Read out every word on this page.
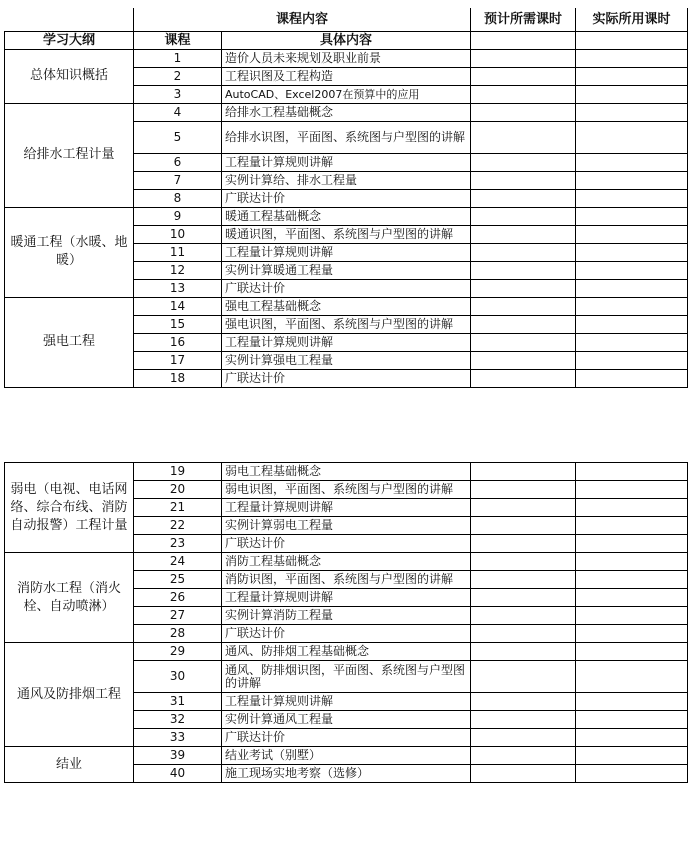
	课程内容		预计所需课时	实际所用课时
学习大纲	课程	具体内容		
总体知识概括	1	造价人员未来规划及职业前景		
	2	工程识图及工程构造		
	3	AutoCAD、Excel2007在预算中的应用		
给排水工程计量	4	给排水工程基础概念		
	5	给排水识图，平面图、系统图与户型图的讲解		
	6	工程量计算规则讲解		
	7	实例计算给、排水工程量		
	8	广联达计价		
暖通工程（水暖、地暖）	9	暖通工程基础概念		
	10	暖通识图，平面图、系统图与户型图的讲解		
	11	工程量计算规则讲解		
	12	实例计算暖通工程量		
	13	广联达计价		
强电工程	14	强电工程基础概念		
	15	强电识图，平面图、系统图与户型图的讲解		
	16	工程量计算规则讲解		
	17	实例计算强电工程量		
	18	广联达计价		
弱电（电视、电话网络、综合布线、消防自动报警）工程计量	19	弱电工程基础概念		
	20	弱电识图，平面图、系统图与户型图的讲解		
	21	工程量计算规则讲解		
	22	实例计算弱电工程量		
	23	广联达计价		
消防水工程（消火栓、自动喷淋）	24	消防工程基础概念		
	25	消防识图，平面图、系统图与户型图的讲解		
	26	工程量计算规则讲解		
	27	实例计算消防工程量		
	28	广联达计价		
通风及防排烟工程	29	通风、防排烟工程基础概念		
	30	通风、防排烟识图，平面图、系统图与户型图的讲解		
	31	工程量计算规则讲解		
	32	实例计算通风工程量		
	33	广联达计价		
结业	39	结业考试（别墅）		
	40	施工现场实地考察（选修）		
